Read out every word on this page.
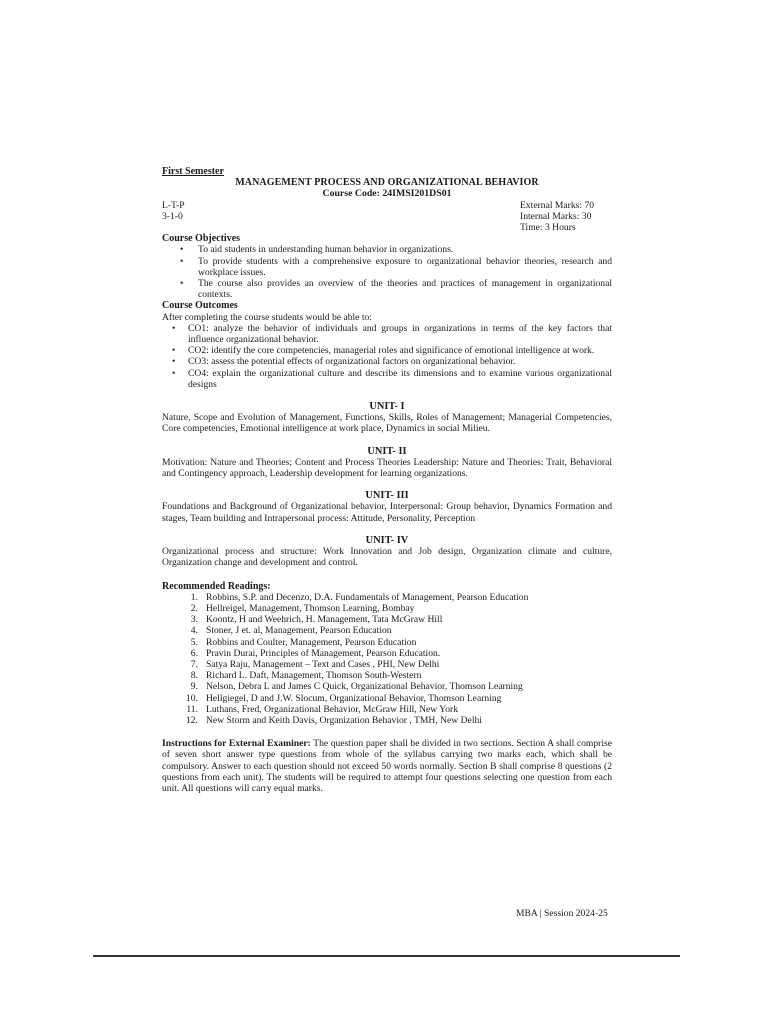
First Semester
MANAGEMENT PROCESS AND ORGANIZATIONAL BEHAVIOR
Course Code: 24IMSI201DS01
L-T-P	External Marks: 70
3-1-0	Internal Marks: 30
Time: 3 Hours
Course Objectives
• To aid students in understanding human behavior in organizations.
• To provide students with a comprehensive exposure to organizational behavior theories, research and workplace issues.
• The course also provides an overview of the theories and practices of management in organizational contexts.
Course Outcomes
After completing the course students would be able to:
• CO1: analyze the behavior of individuals and groups in organizations in terms of the key factors that influence organizational behavior.
• CO2: identify the core competencies, managerial roles and significance of emotional intelligence at work.
• CO3: assess the potential effects of organizational factors on organizational behavior.
• CO4: explain the organizational culture and describe its dimensions and to examine various organizational designs
UNIT- I
Nature, Scope and Evolution of Management, Functions, Skills, Roles of Management; Managerial Competencies, Core competencies, Emotional intelligence at work place, Dynamics in social Milieu.
UNIT- II
Motivation: Nature and Theories; Content and Process Theories Leadership: Nature and Theories: Trait, Behavioral and Contingency approach, Leadership development for learning organizations.
UNIT- III
Foundations and Background of Organizational behavior, Interpersonal: Group behavior, Dynamics Formation and stages, Team building and Intrapersonal process: Attitude, Personality, Perception
UNIT- IV
Organizational process and structure: Work Innovation and Job design, Organization climate and culture, Organization change and development and control.
Recommended Readings:
1. Robbins, S.P. and Decenzo, D.A. Fundamentals of Management, Pearson Education
2. Hellreigel, Management, Thomson Learning, Bombay
3. Koontz, H and Weehrich, H. Management, Tata McGraw Hill
4. Stoner, J et. al, Management, Pearson Education
5. Robbins and Coulter, Management, Pearson Education
6. Pravin Durai, Principles of Management, Pearson Education.
7. Satya Raju, Management – Text and Cases , PHI, New Delhi
8. Richard L. Daft, Management, Thomson South-Western
9. Nelson, Debra L and James C Quick, Organizational Behavior, Thomson Learning
10. Hellgiegel, D and J.W. Slocum, Organizational Behavior, Thomson Learning
11. Luthans, Fred, Organizational Behavior, McGraw Hill, New York
12. New Storm and Keith Davis, Organization Behavior , TMH, New Delhi
Instructions for External Examiner: The question paper shall be divided in two sections. Section A shall comprise of seven short answer type questions from whole of the syllabus carrying two marks each, which shall be compulsory. Answer to each question should not exceed 50 words normally. Section B shall comprise 8 questions (2 questions from each unit). The students will be required to attempt four questions selecting one question from each unit. All questions will carry equal marks.
MBA | Session 2024-25
